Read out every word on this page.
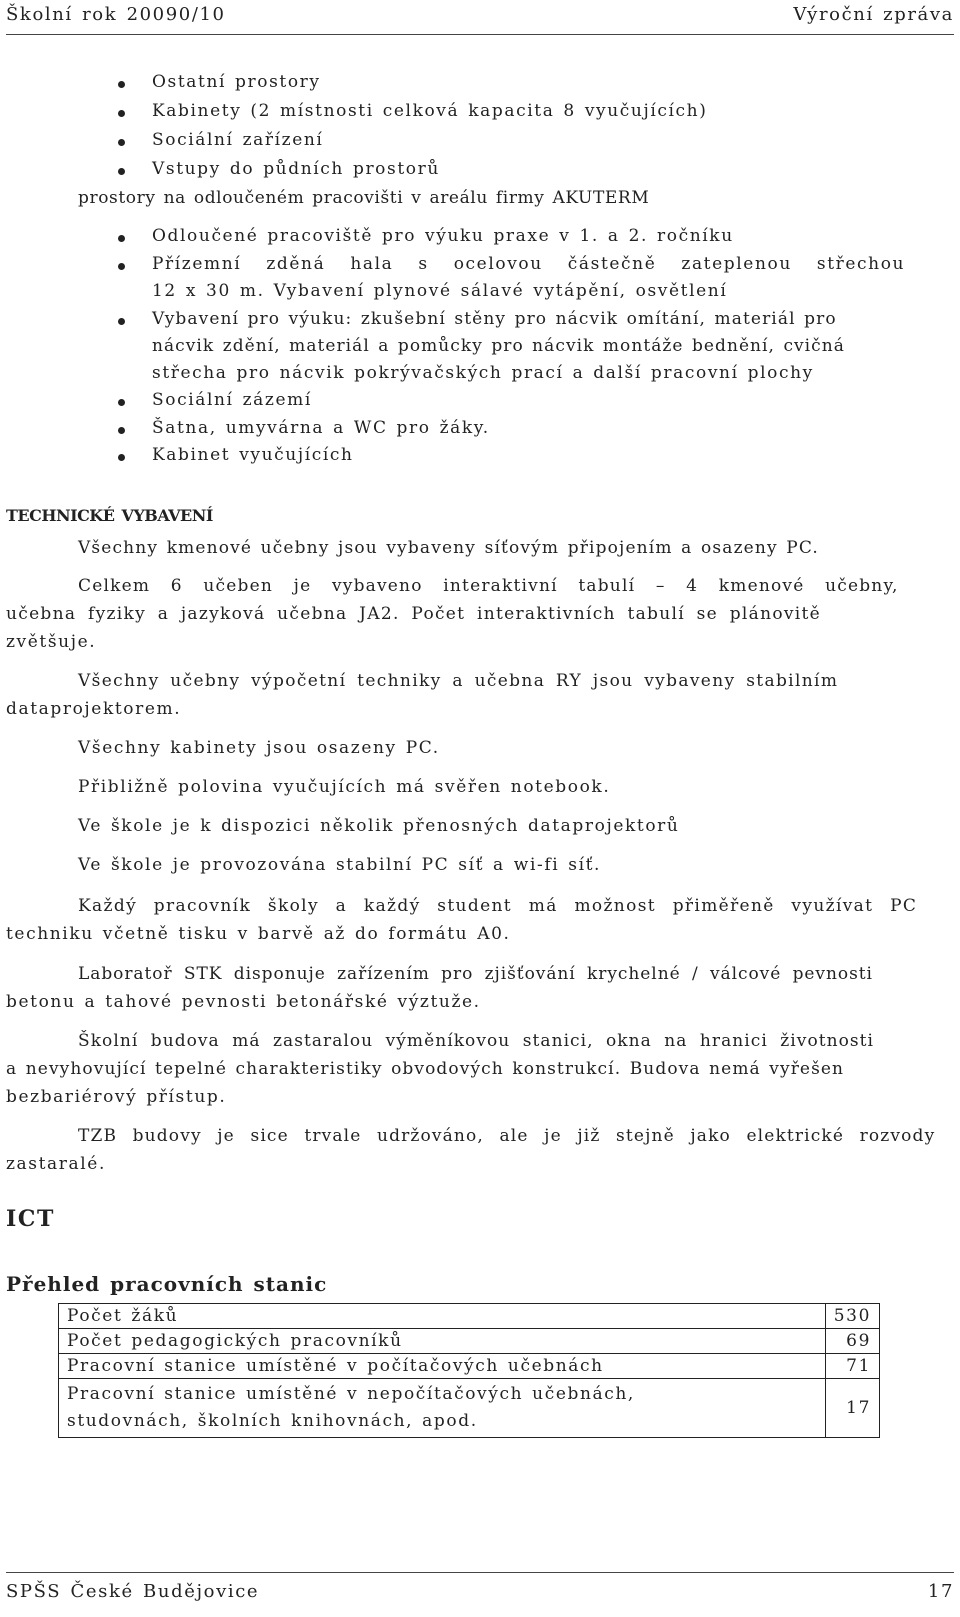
Školní rok 20090/10	Výroční zpráva
Ostatní prostory
Kabinety (2 místnosti celková kapacita 8 vyučujících)
Sociální zařízení
Vstupy do půdních prostorů
prostory na odloučeném pracovišti v areálu firmy AKUTERM
Odloučené pracoviště pro výuku praxe v 1. a 2. ročníku
Přízemní zděná hala s ocelovou částečně zateplenou střechou
12 x 30 m. Vybavení plynové sálavé vytápění, osvětlení
Vybavení pro výuku: zkušební stěny pro nácvik omítání, materiál pro
nácvik zdění, materiál a pomůcky pro nácvik montáže bednění, cvičná
střecha pro nácvik pokrývačských prací a další pracovní plochy
Sociální zázemí
Šatna, umyvárna a WC pro žáky.
Kabinet vyučujících
TECHNICKÉ VYBAVENÍ
Všechny kmenové učebny jsou vybaveny síťovým připojením a osazeny PC.
Celkem 6 učeben je vybaveno interaktivní tabulí – 4 kmenové učebny,
učebna fyziky a jazyková učebna JA2. Počet interaktivních tabulí se plánovitě
zvětšuje.
Všechny učebny výpočetní techniky a učebna RY jsou vybaveny stabilním
dataprojektorem.
Všechny kabinety jsou osazeny PC.
Přibližně polovina vyučujících má svěřen notebook.
Ve škole je k dispozici několik přenosných dataprojektorů
Ve škole je provozována stabilní PC síť a wi-fi síť.
Každý pracovník školy a každý student má možnost přiměřeně využívat PC
techniku včetně tisku v barvě až do formátu A0.
Laboratoř STK disponuje zařízením pro zjišťování krychelné / válcové pevnosti
betonu a tahové pevnosti betonářské výztuže.
Školní budova má zastaralou výměníkovou stanici, okna na hranici životnosti
a nevyhovující tepelné charakteristiky obvodových konstrukcí. Budova nemá vyřešen
bezbariérový přístup.
TZB budovy je sice trvale udržováno, ale je již stejně jako elektrické rozvody
zastaralé.
ICT
Přehled pracovních stanic
Počet žáků	530
Počet pedagogických pracovníků	69
Pracovní stanice umístěné v počítačových učebnách	71

Pracovní stanice umístěné v nepočítačových učebnách,
studovnách, školních knihovnách, apod.	17
SPŠS České Budějovice	17
